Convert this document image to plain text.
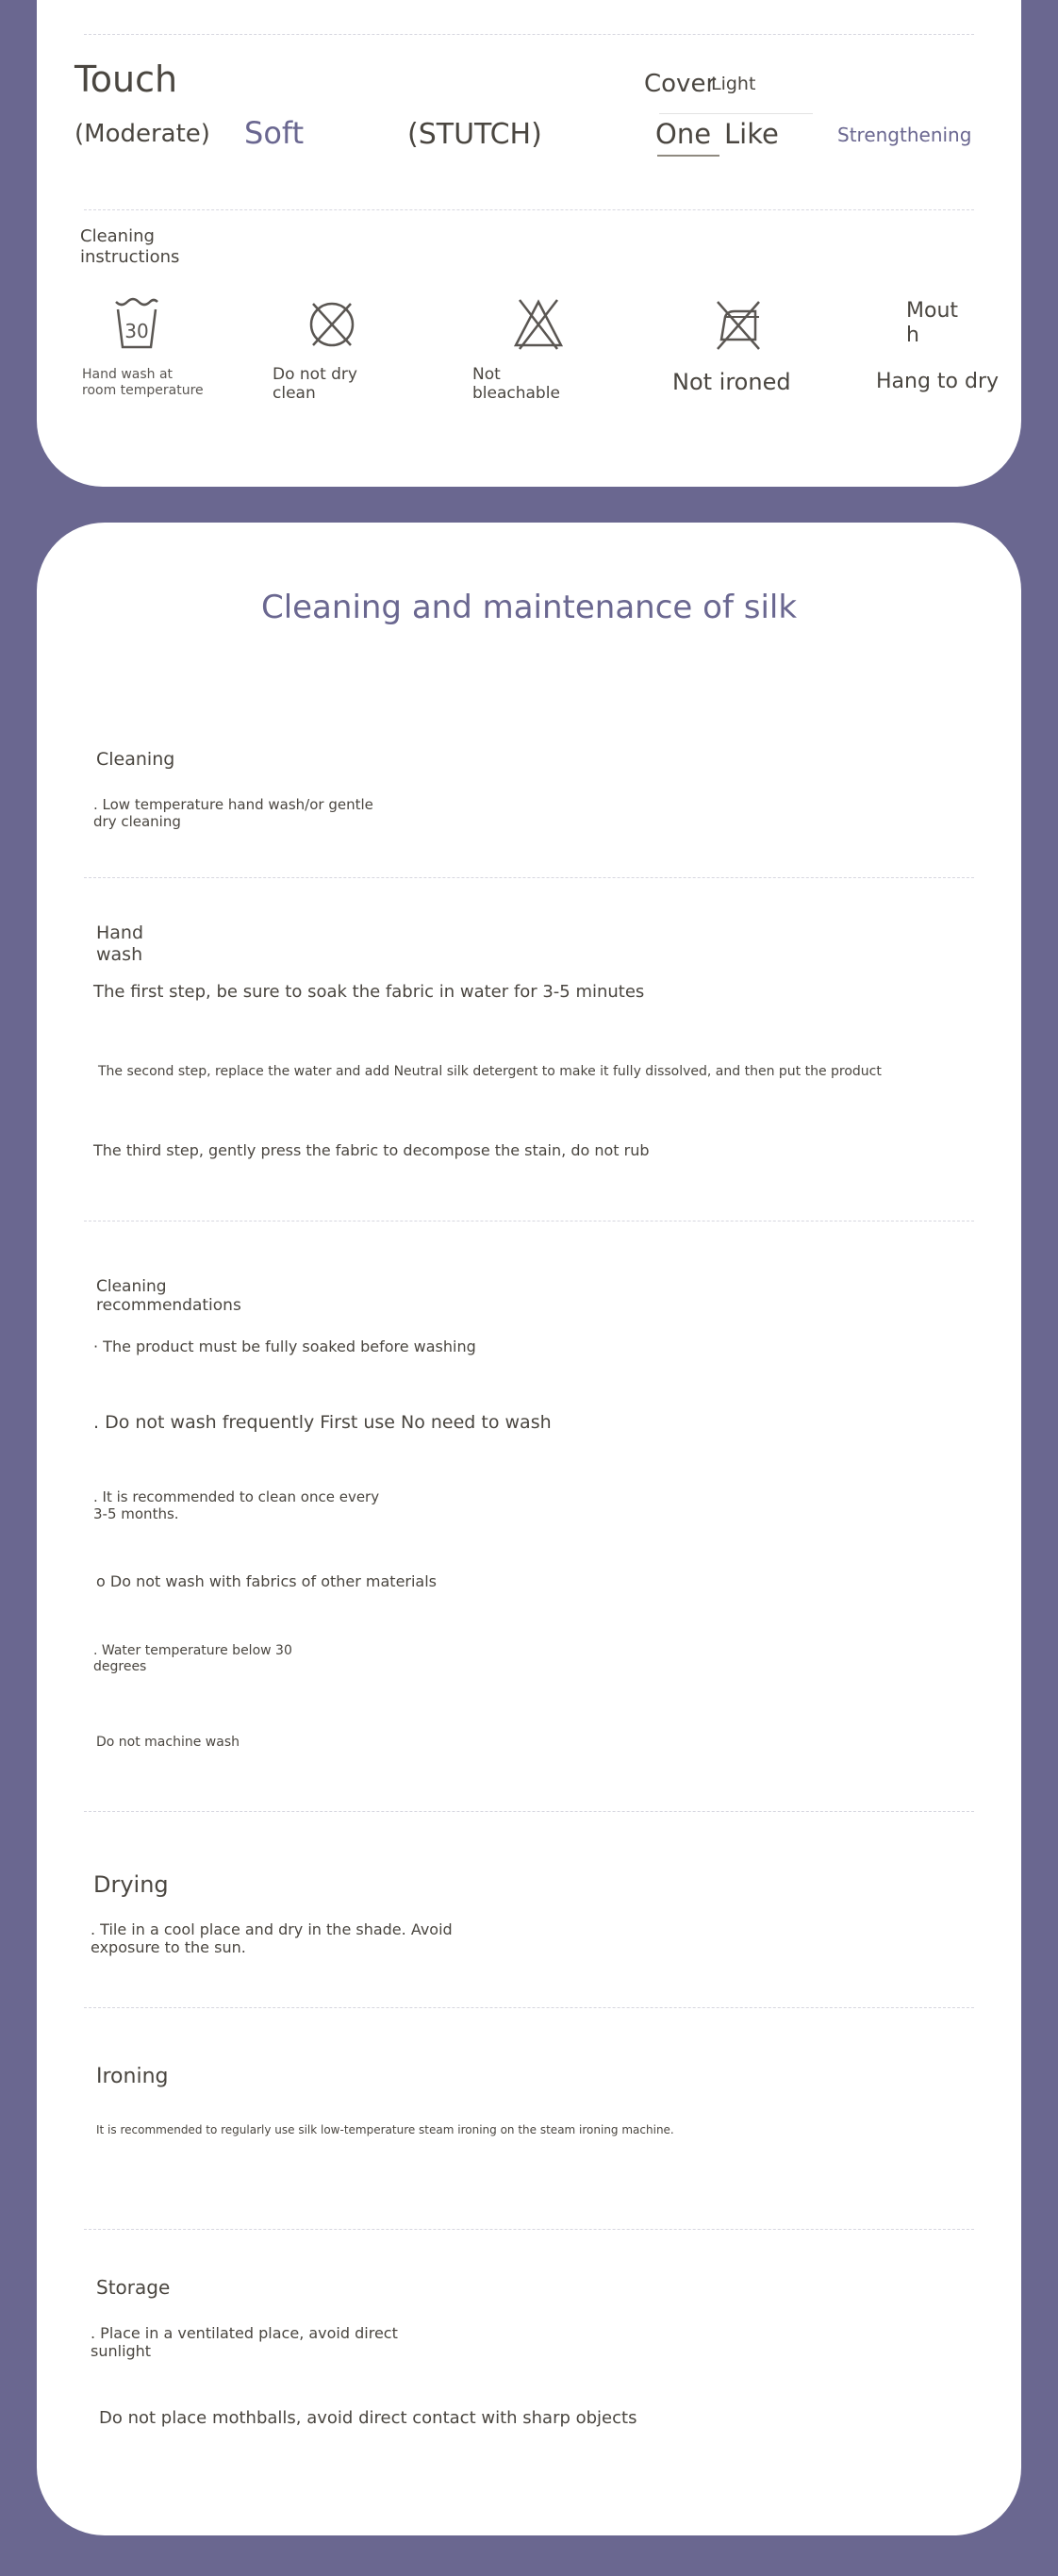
Touch
(Moderate) Soft	(STUTCH)
Cover
Light
One Like	Strengthening
Cleaning
instructions
30
Hand wash at
room temperature
Do not dry
clean
Not
bleachable	Not ironed
Mout
h
Hang to dry
Cleaning and maintenance of silk
Cleaning
. Low temperature hand wash/or gentle
dry cleaning
Hand
wash
The first step, be sure to soak the fabric in water for 3-5 minutes
The second step, replace the water and add Neutral silk detergent to make it fully dissolved, and then put the product
The third step, gently press the fabric to decompose the stain, do not rub
Cleaning
recommendations
· The product must be fully soaked before washing
. Do not wash frequently First use No need to wash
. It is recommended to clean once every
3-5 months.
o Do not wash with fabrics of other materials
. Water temperature below 30
degrees
Do not machine wash
Drying
. Tile in a cool place and dry in the shade. Avoid
exposure to the sun.
Ironing
It is recommended to regularly use silk low-temperature steam ironing on the steam ironing machine.
Storage
. Place in a ventilated place, avoid direct
sunlight
Do not place mothballs, avoid direct contact with sharp objects
